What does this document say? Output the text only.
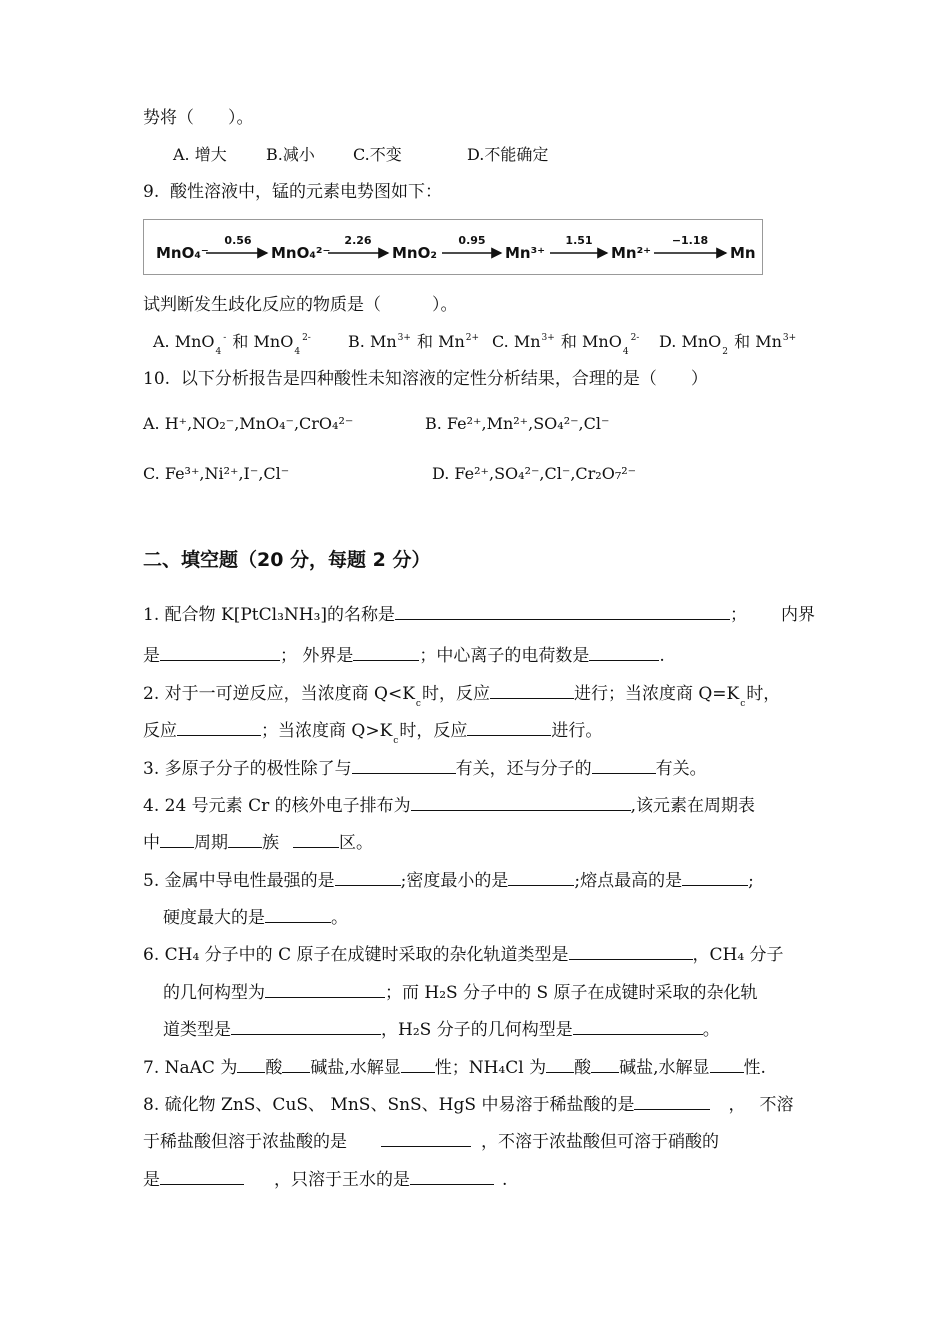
势将（　　）。
A. 增大 B.减小 C.不变	D.不能确定
9. 酸性溶液中，锰的元素电势图如下：
MnO₄⁻	MnO₄²⁻	MnO₂	Mn³⁺	Mn²⁺	Mn
0.56	2.26	0.95	1.51	−1.18
试判断发生歧化反应的物质是（　　　）。
A. MnO$_4$- 和 MnO$_4^{2-}$ B. $Mn^{3+}$ 和 $Mn^{2+}$ C. $Mn^{3+}$ 和 MnO$_4^{2-}$ D. MnO$_2$ 和 $Mn^{3+}$
10. 以下分析报告是四种酸性未知溶液的定性分析结果，合理的是（　　）
A. H⁺,NO₂⁻,MnO₄⁻,CrO₄²⁻	B. Fe²⁺,Mn²⁺,SO₄²⁻,Cl⁻
C. Fe³⁺,Ni²⁺,I⁻,Cl⁻	D. Fe²⁺,SO₄²⁻,Cl⁻,Cr₂O₇²⁻
二、填空题（20 分，每题 2 分）
1. 配合物 K[PtCl₃NH₃]的名称是	； 内界
是	； 外界是	；中心离子的电荷数是	.
2. 对于一可逆反应，当浓度商 $Q<K_c$时，反应	进行；当浓度商 $Q=K_c$时，
反应	；当浓度商 $Q>K_c$时，反应	进行。
3. 多原子分子的极性除了与	有关，还与分子的	有关。
4. 24 号元素 Cr 的核外电子排布为	,该元素在周期表
中 周期 族	区。
5. 金属中导电性最强的是	;密度最小的是	;熔点最高的是	;
硬度最大的是	。
6. CH₄ 分子中的 C 原子在成键时采取的杂化轨道类型是	，CH₄ 分子
的几何构型为	；而 H₂S 分子中的 S 原子在成键时采取的杂化轨
道类型是	，H₂S 分子的几何构型是	。
7. NaAC 为 酸 碱盐,水解显 性；NH₄Cl 为 酸 碱盐,水解显 性.
8. 硫化物 ZnS、CuS、 MnS、SnS、HgS 中易溶于稀盐酸的是	， 不溶
于稀盐酸但溶于浓盐酸的是	，不溶于浓盐酸但可溶于硝酸的
是	，只溶于王水的是	.
